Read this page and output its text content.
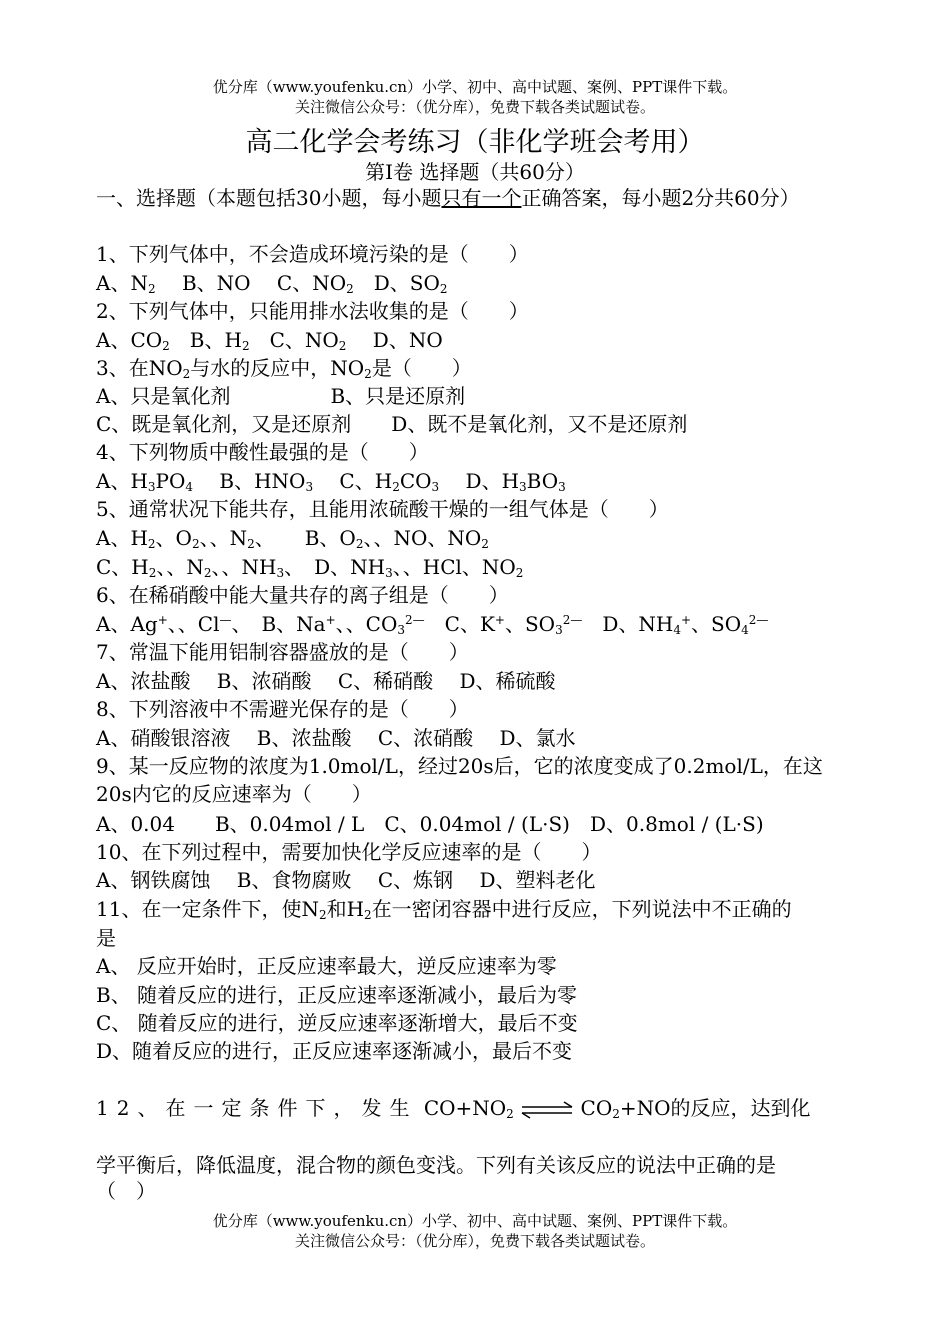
优分库（www.youfenku.cn）小学、初中、高中试题、案例、PPT课件下载。
关注微信公众号：（优分库），免费下载各类试题试卷。
高二化学会考练习（非化学班会考用）
第Ⅰ卷 选择题（共60分）
一、选择题（本题包括30小题，每小题只有一个正确答案，每小题2分共60分）
1、下列气体中，不会造成环境污染的是（　　）
A、$N_2$　 B、NO　 C、$NO_2$　D、$SO_2$
2、下列气体中，只能用排水法收集的是（　　）
A、$CO_2$　B、$H_2$　C、$NO_2$　 D、NO
3、在$NO_2$与水的反应中，$NO_2$是（　　）
A、只是氧化剂　　　　　B、只是还原剂
C、既是氧化剂，又是还原剂　　D、既不是氧化剂，又不是还原剂
4、下列物质中酸性最强的是（　　）
A、$H_3PO_4$　 B、$HNO_3$　 C、$H_2CO_3$　 D、$H_3BO_3$
5、通常状况下能共存，且能用浓硫酸干燥的一组气体是（　　）
A、$H_2$、$O_2$、、$N_2$、　　B、$O_2$、、NO、$NO_2$
C、$H_2$、、$N_2$、、$NH_3$、　D、$NH_3$、、HCl、$NO_2$
6、在稀硝酸中能大量共存的离子组是（　　）
A、Ag+、、Cl—、　B、Na+、、$CO_3^{2—}$　C、K+、$SO_3^{2—}$　D、$NH_4^+$、$SO_4^{2—}$
7、常温下能用铝制容器盛放的是（　　）
A、浓盐酸　 B、浓硝酸　 C、稀硝酸　 D、稀硫酸
8、下列溶液中不需避光保存的是（　　）
A、硝酸银溶液　 B、浓盐酸　 C、浓硝酸　 D、氯水
9、某一反应物的浓度为1.0mol/L，经过20s后，它的浓度变成了0.2mol/L，在这20s内它的反应速率为（　　）
A、0.04　　B、0.04mol / L　C、0.04mol / (L·S)　D、0.8mol / (L·S)
10、在下列过程中，需要加快化学反应速率的是（　　）
A、钢铁腐蚀　 B、食物腐败　 C、炼钢　 D、塑料老化
11、在一定条件下，使$N_2$和$H_2$在一密闭容器中进行反应，下列说法中不正确的
是
A、 反应开始时，正反应速率最大，逆反应速率为零
B、 随着反应的进行，正反应速率逐渐减小，最后为零
C、 随着反应的进行，逆反应速率逐渐增大，最后不变
D、随着反应的进行，正反应速率逐渐减小，最后不变
12、在一定条件下，发生 $CO+NO_2$ ⇌ $CO_2+NO$的反应，达到化
学平衡后，降低温度，混合物的颜色变浅。下列有关该反应的说法中正确的是
（　）
优分库（www.youfenku.cn）小学、初中、高中试题、案例、PPT课件下载。
关注微信公众号：（优分库），免费下载各类试题试卷。
